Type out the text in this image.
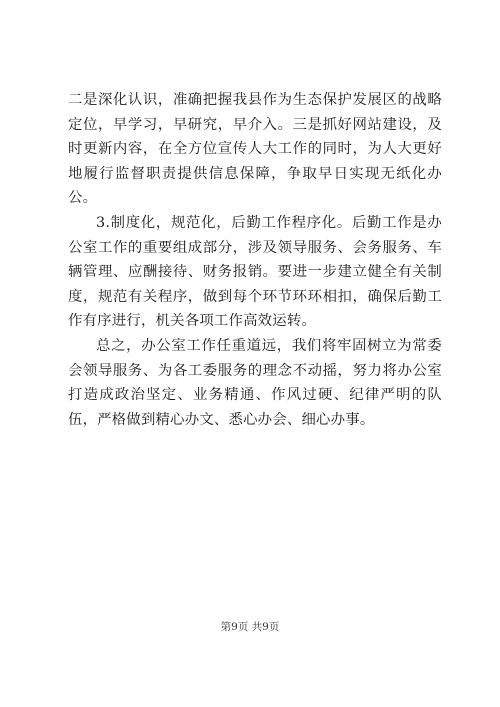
二是深化认识，准确把握我县作为生态保护发展区的战略定位，早学习，早研究，早介入。三是抓好网站建设，及时更新内容，在全方位宣传人大工作的同时，为人大更好地履行监督职责提供信息保障，争取早日实现无纸化办公。

3.制度化，规范化，后勤工作程序化。后勤工作是办公室工作的重要组成部分，涉及领导服务、会务服务、车辆管理、应酬接待、财务报销。要进一步建立健全有关制度，规范有关程序，做到每个环节环环相扣，确保后勤工作有序进行，机关各项工作高效运转。

总之，办公室工作任重道远，我们将牢固树立为常委会领导服务、为各工委服务的理念不动摇，努力将办公室打造成政治坚定、业务精通、作风过硬、纪律严明的队伍，严格做到精心办文、悉心办会、细心办事。

第9页 共9页
